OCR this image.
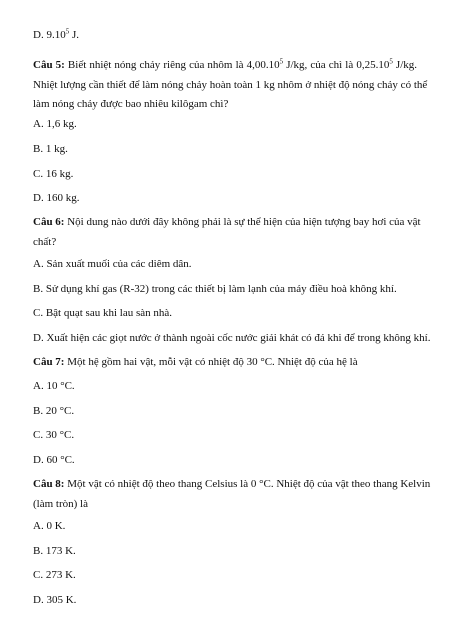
D. 9.10$^5$ J.
Câu 5: Biết nhiệt nóng chảy riêng của nhôm là 4,00.10$^5$ J/kg, của chì là 0,25.10$^5$ J/kg.
Nhiệt lượng cần thiết để làm nóng chảy hoàn toàn 1 kg nhôm ở nhiệt độ nóng chảy có thể
làm nóng chảy được bao nhiêu kilôgam chì?
A. 1,6 kg.
B. 1 kg.
C. 16 kg.
D. 160 kg.
Câu 6: Nội dung nào dưới đây không phải là sự thể hiện của hiện tượng bay hơi của vật
chất?
A. Sản xuất muối của các diêm dân.
B. Sử dụng khí gas (R-32) trong các thiết bị làm lạnh của máy điều hoà không khí.
C. Bật quạt sau khi lau sàn nhà.
D. Xuất hiện các giọt nước ở thành ngoài cốc nước giải khát có đá khi để trong không khí.
Câu 7: Một hệ gồm hai vật, mỗi vật có nhiệt độ 30 °C. Nhiệt độ của hệ là
A. 10 °C.
B. 20 °C.
C. 30 °C.
D. 60 °C.
Câu 8: Một vật có nhiệt độ theo thang Celsius là 0 °C. Nhiệt độ của vật theo thang Kelvin
(làm tròn) là
A. 0 K.
B. 173 K.
C. 273 K.
D. 305 K.
